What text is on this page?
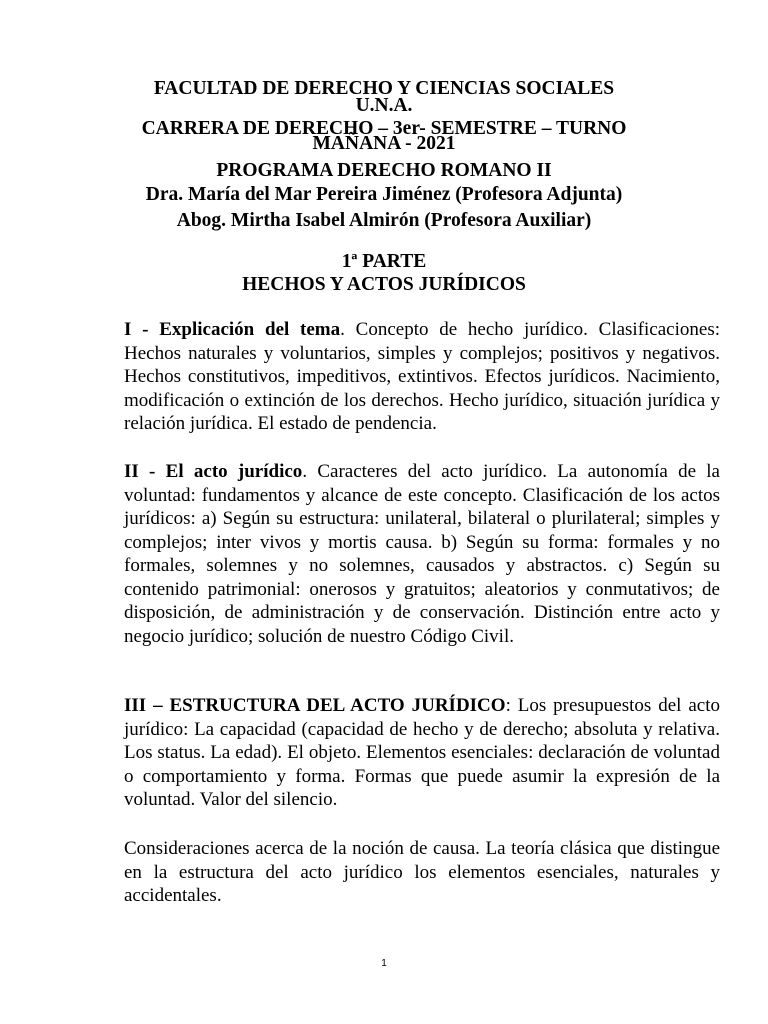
FACULTAD DE DERECHO Y CIENCIAS SOCIALES
U.N.A.
CARRERA DE DERECHO – 3er- SEMESTRE – TURNO
MAÑANA - 2021
PROGRAMA DERECHO ROMANO II
Dra. María del Mar Pereira Jiménez (Profesora Adjunta)
Abog. Mirtha Isabel Almirón (Profesora Auxiliar)
1ª PARTE
HECHOS Y ACTOS JURÍDICOS
I - Explicación del tema. Concepto de hecho jurídico. Clasificaciones: Hechos naturales y voluntarios, simples y complejos; positivos y negativos. Hechos constitutivos, impeditivos, extintivos. Efectos jurídicos. Nacimiento, modificación o extinción de los derechos. Hecho jurídico, situación jurídica y relación jurídica. El estado de pendencia.
II - El acto jurídico. Caracteres del acto jurídico. La autonomía de la voluntad: fundamentos y alcance de este concepto. Clasificación de los actos jurídicos: a) Según su estructura: unilateral, bilateral o plurilateral; simples y complejos; inter vivos y mortis causa. b) Según su forma: formales y no formales, solemnes y no solemnes, causados y abstractos. c) Según su contenido patrimonial: onerosos y gratuitos; aleatorios y conmutativos; de disposición, de administración y de conservación. Distinción entre acto y negocio jurídico; solución de nuestro Código Civil.
III – ESTRUCTURA DEL ACTO JURÍDICO: Los presupuestos del acto jurídico: La capacidad (capacidad de hecho y de derecho; absoluta y relativa. Los status. La edad). El objeto. Elementos esenciales: declaración de voluntad o comportamiento y forma. Formas que puede asumir la expresión de la voluntad. Valor del silencio.
Consideraciones acerca de la noción de causa. La teoría clásica que distingue en la estructura del acto jurídico los elementos esenciales, naturales y accidentales.
1
